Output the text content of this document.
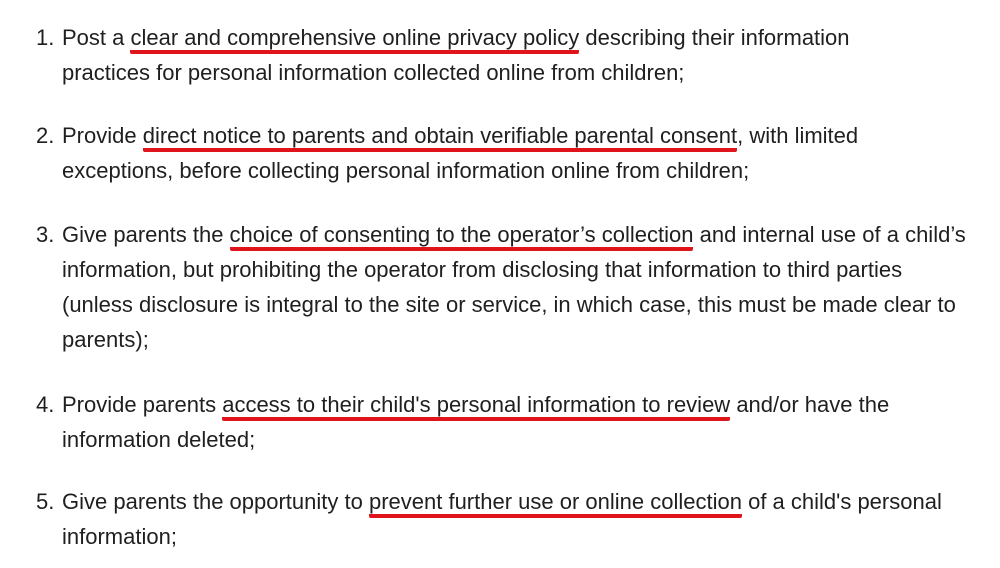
1. Post a clear and comprehensive online privacy policy describing their information practices for personal information collected online from children;
2. Provide direct notice to parents and obtain verifiable parental consent, with limited exceptions, before collecting personal information online from children;
3. Give parents the choice of consenting to the operator’s collection and internal use of a child’s information, but prohibiting the operator from disclosing that information to third parties (unless disclosure is integral to the site or service, in which case, this must be made clear to parents);
4. Provide parents access to their child's personal information to review and/or have the information deleted;
5. Give parents the opportunity to prevent further use or online collection of a child's personal information;
